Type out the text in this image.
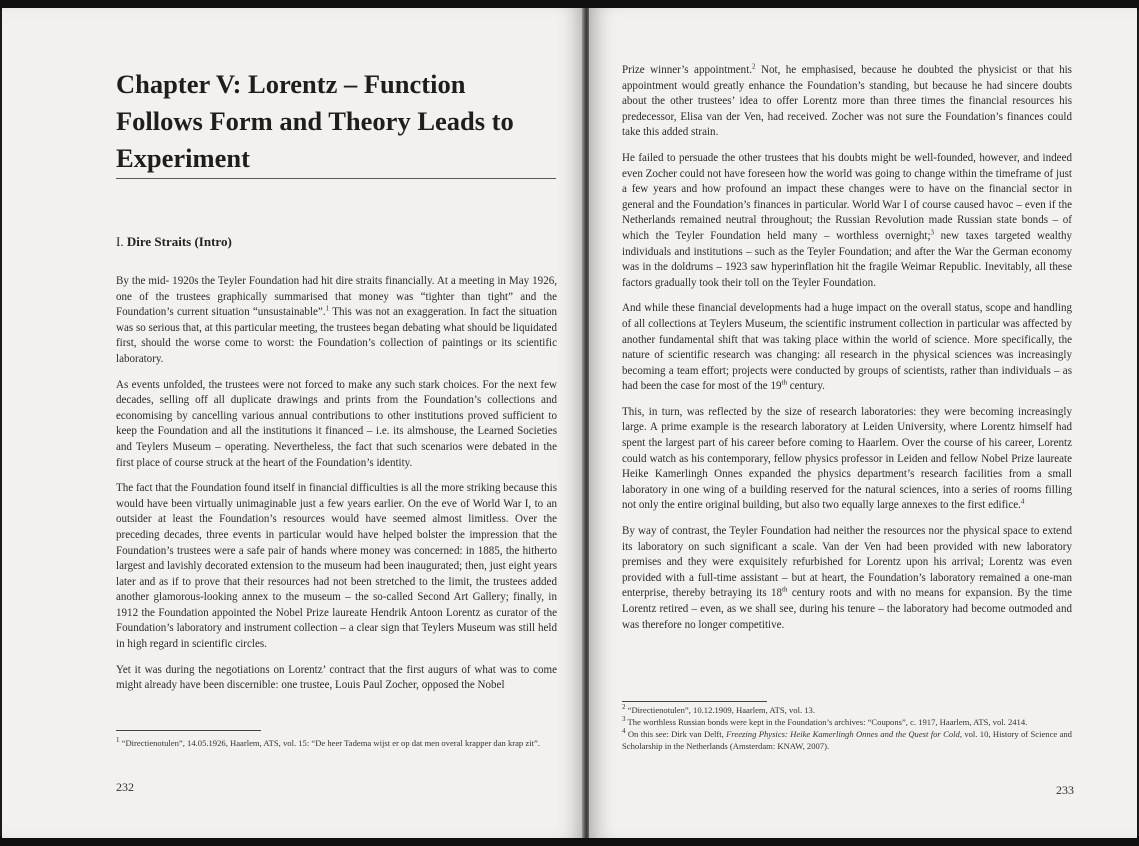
Chapter V: Lorentz – Function Follows Form and Theory Leads to Experiment
I. Dire Straits (Intro)

By the mid- 1920s the Teyler Foundation had hit dire straits financially. At a meeting in May 1926, one of the trustees graphically summarised that money was “tighter than tight” and the Foundation’s current situation “unsustainable”.$^1$ This was not an exaggeration. In fact the situation was so serious that, at this particular meeting, the trustees began debating what should be liquidated first, should the worse come to worst: the Foundation’s collection of paintings or its scientific laboratory.

As events unfolded, the trustees were not forced to make any such stark choices. For the next few decades, selling off all duplicate drawings and prints from the Foundation’s collections and economising by cancelling various annual contributions to other institutions proved sufficient to keep the Foundation and all the institutions it financed – i.e. its almshouse, the Learned Societies and Teylers Museum – operating. Nevertheless, the fact that such scenarios were debated in the first place of course struck at the heart of the Foundation’s identity.

The fact that the Foundation found itself in financial difficulties is all the more striking because this would have been virtually unimaginable just a few years earlier. On the eve of World War I, to an outsider at least the Foundation’s resources would have seemed almost limitless. Over the preceding decades, three events in particular would have helped bolster the impression that the Foundation’s trustees were a safe pair of hands where money was concerned: in 1885, the hitherto largest and lavishly decorated extension to the museum had been inaugurated; then, just eight years later and as if to prove that their resources had not been stretched to the limit, the trustees added another glamorous-looking annex to the museum – the so-called Second Art Gallery; finally, in 1912 the Foundation appointed the Nobel Prize laureate Hendrik Antoon Lorentz as curator of the Foundation’s laboratory and instrument collection – a clear sign that Teylers Museum was still held in high regard in scientific circles.

Yet it was during the negotiations on Lorentz’ contract that the first augurs of what was to come might already have been discernible: one trustee, Louis Paul Zocher, opposed the Nobel

$^1$ “Directienotulen”, 14.05.1926, Haarlem, ATS, vol. 15: “De heer Tadema wijst er op dat men overal krapper dan krap zit”.

232

Prize winner’s appointment.$^2$ Not, he emphasised, because he doubted the physicist or that his appointment would greatly enhance the Foundation’s standing, but because he had sincere doubts about the other trustees’ idea to offer Lorentz more than three times the financial resources his predecessor, Elisa van der Ven, had received. Zocher was not sure the Foundation’s finances could take this added strain.

He failed to persuade the other trustees that his doubts might be well-founded, however, and indeed even Zocher could not have foreseen how the world was going to change within the timeframe of just a few years and how profound an impact these changes were to have on the financial sector in general and the Foundation’s finances in particular. World War I of course caused havoc – even if the Netherlands remained neutral throughout; the Russian Revolution made Russian state bonds – of which the Teyler Foundation held many – worthless overnight;$^3$ new taxes targeted wealthy individuals and institutions – such as the Teyler Foundation; and after the War the German economy was in the doldrums – 1923 saw hyperinflation hit the fragile Weimar Republic. Inevitably, all these factors gradually took their toll on the Teyler Foundation.

And while these financial developments had a huge impact on the overall status, scope and handling of all collections at Teylers Museum, the scientific instrument collection in particular was affected by another fundamental shift that was taking place within the world of science. More specifically, the nature of scientific research was changing: all research in the physical sciences was increasingly becoming a team effort; projects were conducted by groups of scientists, rather than individuals – as had been the case for most of the 19th century.

This, in turn, was reflected by the size of research laboratories: they were becoming increasingly large. A prime example is the research laboratory at Leiden University, where Lorentz himself had spent the largest part of his career before coming to Haarlem. Over the course of his career, Lorentz could watch as his contemporary, fellow physics professor in Leiden and fellow Nobel Prize laureate Heike Kamerlingh Onnes expanded the physics department’s research facilities from a small laboratory in one wing of a building reserved for the natural sciences, into a series of rooms filling not only the entire original building, but also two equally large annexes to the first edifice.$^4$

By way of contrast, the Teyler Foundation had neither the resources nor the physical space to extend its laboratory on such significant a scale. Van der Ven had been provided with new laboratory premises and they were exquisitely refurbished for Lorentz upon his arrival; Lorentz was even provided with a full-time assistant – but at heart, the Foundation’s laboratory remained a one-man enterprise, thereby betraying its 18th century roots and with no means for expansion. By the time Lorentz retired – even, as we shall see, during his tenure – the laboratory had become outmoded and was therefore no longer competitive.

$^2$ “Directienotulen”, 10.12.1909, Haarlem, ATS, vol. 13.

$^3$ The worthless Russian bonds were kept in the Foundation’s archives: “Coupons”, c. 1917, Haarlem, ATS, vol. 2414.

$^4$ On this see: Dirk van Delft, Freezing Physics: Heike Kamerlingh Onnes and the Quest for Cold, vol. 10, History of Science and Scholarship in the Netherlands (Amsterdam: KNAW, 2007).

233
